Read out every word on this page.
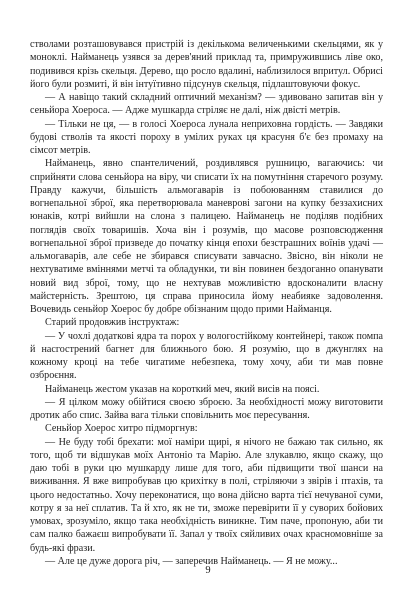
стволами розташовувався пристрій із декількома величенькими скельцями, як у моноклі. Найманець узявся за дерев'яний приклад та, примружившись ліве око, подивився крізь скельця. Дерево, що росло вдалині, наблизилося впритул. Обрисі його були розмиті, й він інтуїтивно підсунув скельця, підлаштовуючи фокус.

— А навіщо такий складний оптичний механізм? — здивовано запитав він у сеньйора Хоероса. — Адже мушкарда стріляє не далі, ніж двісті метрів.

— Тільки не ця, — в голосі Хоероса лунала неприховна гордість. — Завдяки будові стволів та якості пороху в умілих руках ця красуня б'є без промаху на сімсот метрів.

Найманець, явно спантеличений, роздивлявся рушницю, вагаючись: чи сприйняти слова сеньйора на віру, чи списати їх на помутніння старечого розуму. Правду кажучи, більшість альмогаварів із побоюванням ставилися до вогнепальної зброї, яка перетворювала маневрові загони на купку беззахисних юнаків, котрі вийшли на слона з палицею. Найманець не поділяв подібних поглядів своїх товаришів. Хоча він і розумів, що масове розповсюдження вогнепальної зброї призведе до початку кінця епохи безстрашних воїнів удачі — альмогаварів, але себе не збирався списувати завчасно. Звісно, він ніколи не нехтуватиме вміннями метчі та обладунки, ти він повинен бездоганно опанувати новий вид зброї, тому, що не нехтував можливістю вдосконалити власну майстерність. Зрештою, ця справа приносила йому неабияке задоволення. Вочевидь сеньйор Хоерос бу добре обізнаним щодо прими Найманця.

Старий продовжив інструктаж:

— У чохлі додаткові ядра та порох у вологостійкому контейнері, також помпа й насгострений багнет для ближнього бою. Я розумію, що в джунглях на кожному кроці на тебе чигатиме небезпека, тому хочу, аби ти мав повне озброєння.

Найманець жестом указав на короткий меч, який висів на поясі.

— Я цілком можу обійтися своєю зброєю. За необхідності можу виготовити дротик або спис. Зайва вага тільки сповільнить моє пересування.

Сеньйор Хоерос хитро підморгнув:

— Не буду тобі брехати: мої наміри щирі, я нічого не бажаю так сильно, як того, щоб ти відшукав моїх Антоніо та Марію. Але злукавлю, якщо скажу, що даю тобі в руки цю мушкарду лише для того, аби підвищити твої шанси на виживання. Я вже випробував цю крихітку в полі, стріляючи з звірів і птахів, та цього недостатньо. Хочу переконатися, що вона дійсно варта тієї нечуваної суми, котру я за неї сплатив. Та й хто, як не ти, зможе перевірити її у суворих бойових умовах, зрозуміло, якщо така необхідність виникне. Тим паче, пропоную, аби ти сам палко бажаєш випробувати її. Запал у твоїх сяйливих очах красномовніше за будь-які фрази.

— Але це дуже дорога річ, — заперечив Найманець. — Я не можу...

9
